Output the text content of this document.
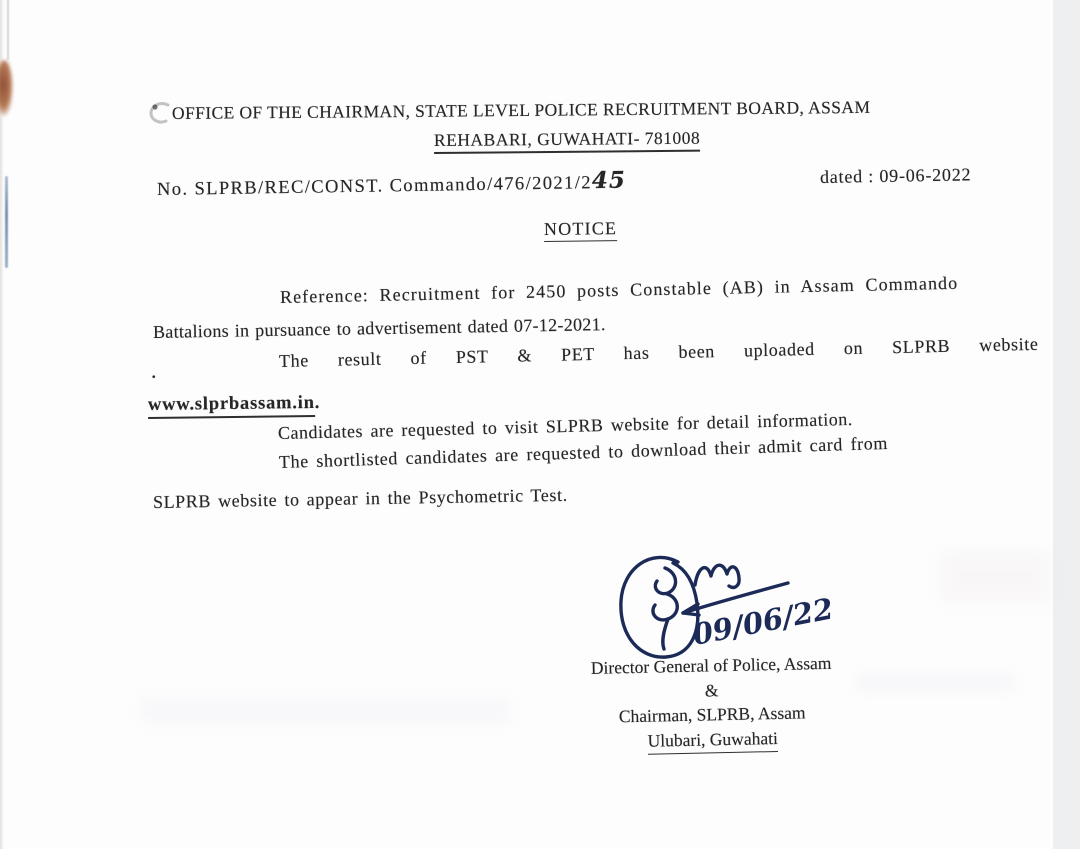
OFFICE OF THE CHAIRMAN, STATE LEVEL POLICE RECRUITMENT BOARD, ASSAM
REHABARI, GUWAHATI- 781008
No. SLPRB/REC/CONST. Commando/476/2021/245	dated : 09-06-2022
NOTICE
Reference: Recruitment for 2450 posts Constable (AB) in Assam Commando
Battalions in pursuance to advertisement dated 07-12-2021.
The result of PST & PET has been uploaded on SLPRB website
.
www.slprbassam.in.
Candidates are requested to visit SLPRB website for detail information.
The shortlisted candidates are requested to download their admit card from
SLPRB website to appear in the Psychometric Test.
09/06/22
Director General of Police, Assam
&
Chairman, SLPRB, Assam
Ulubari, Guwahati
